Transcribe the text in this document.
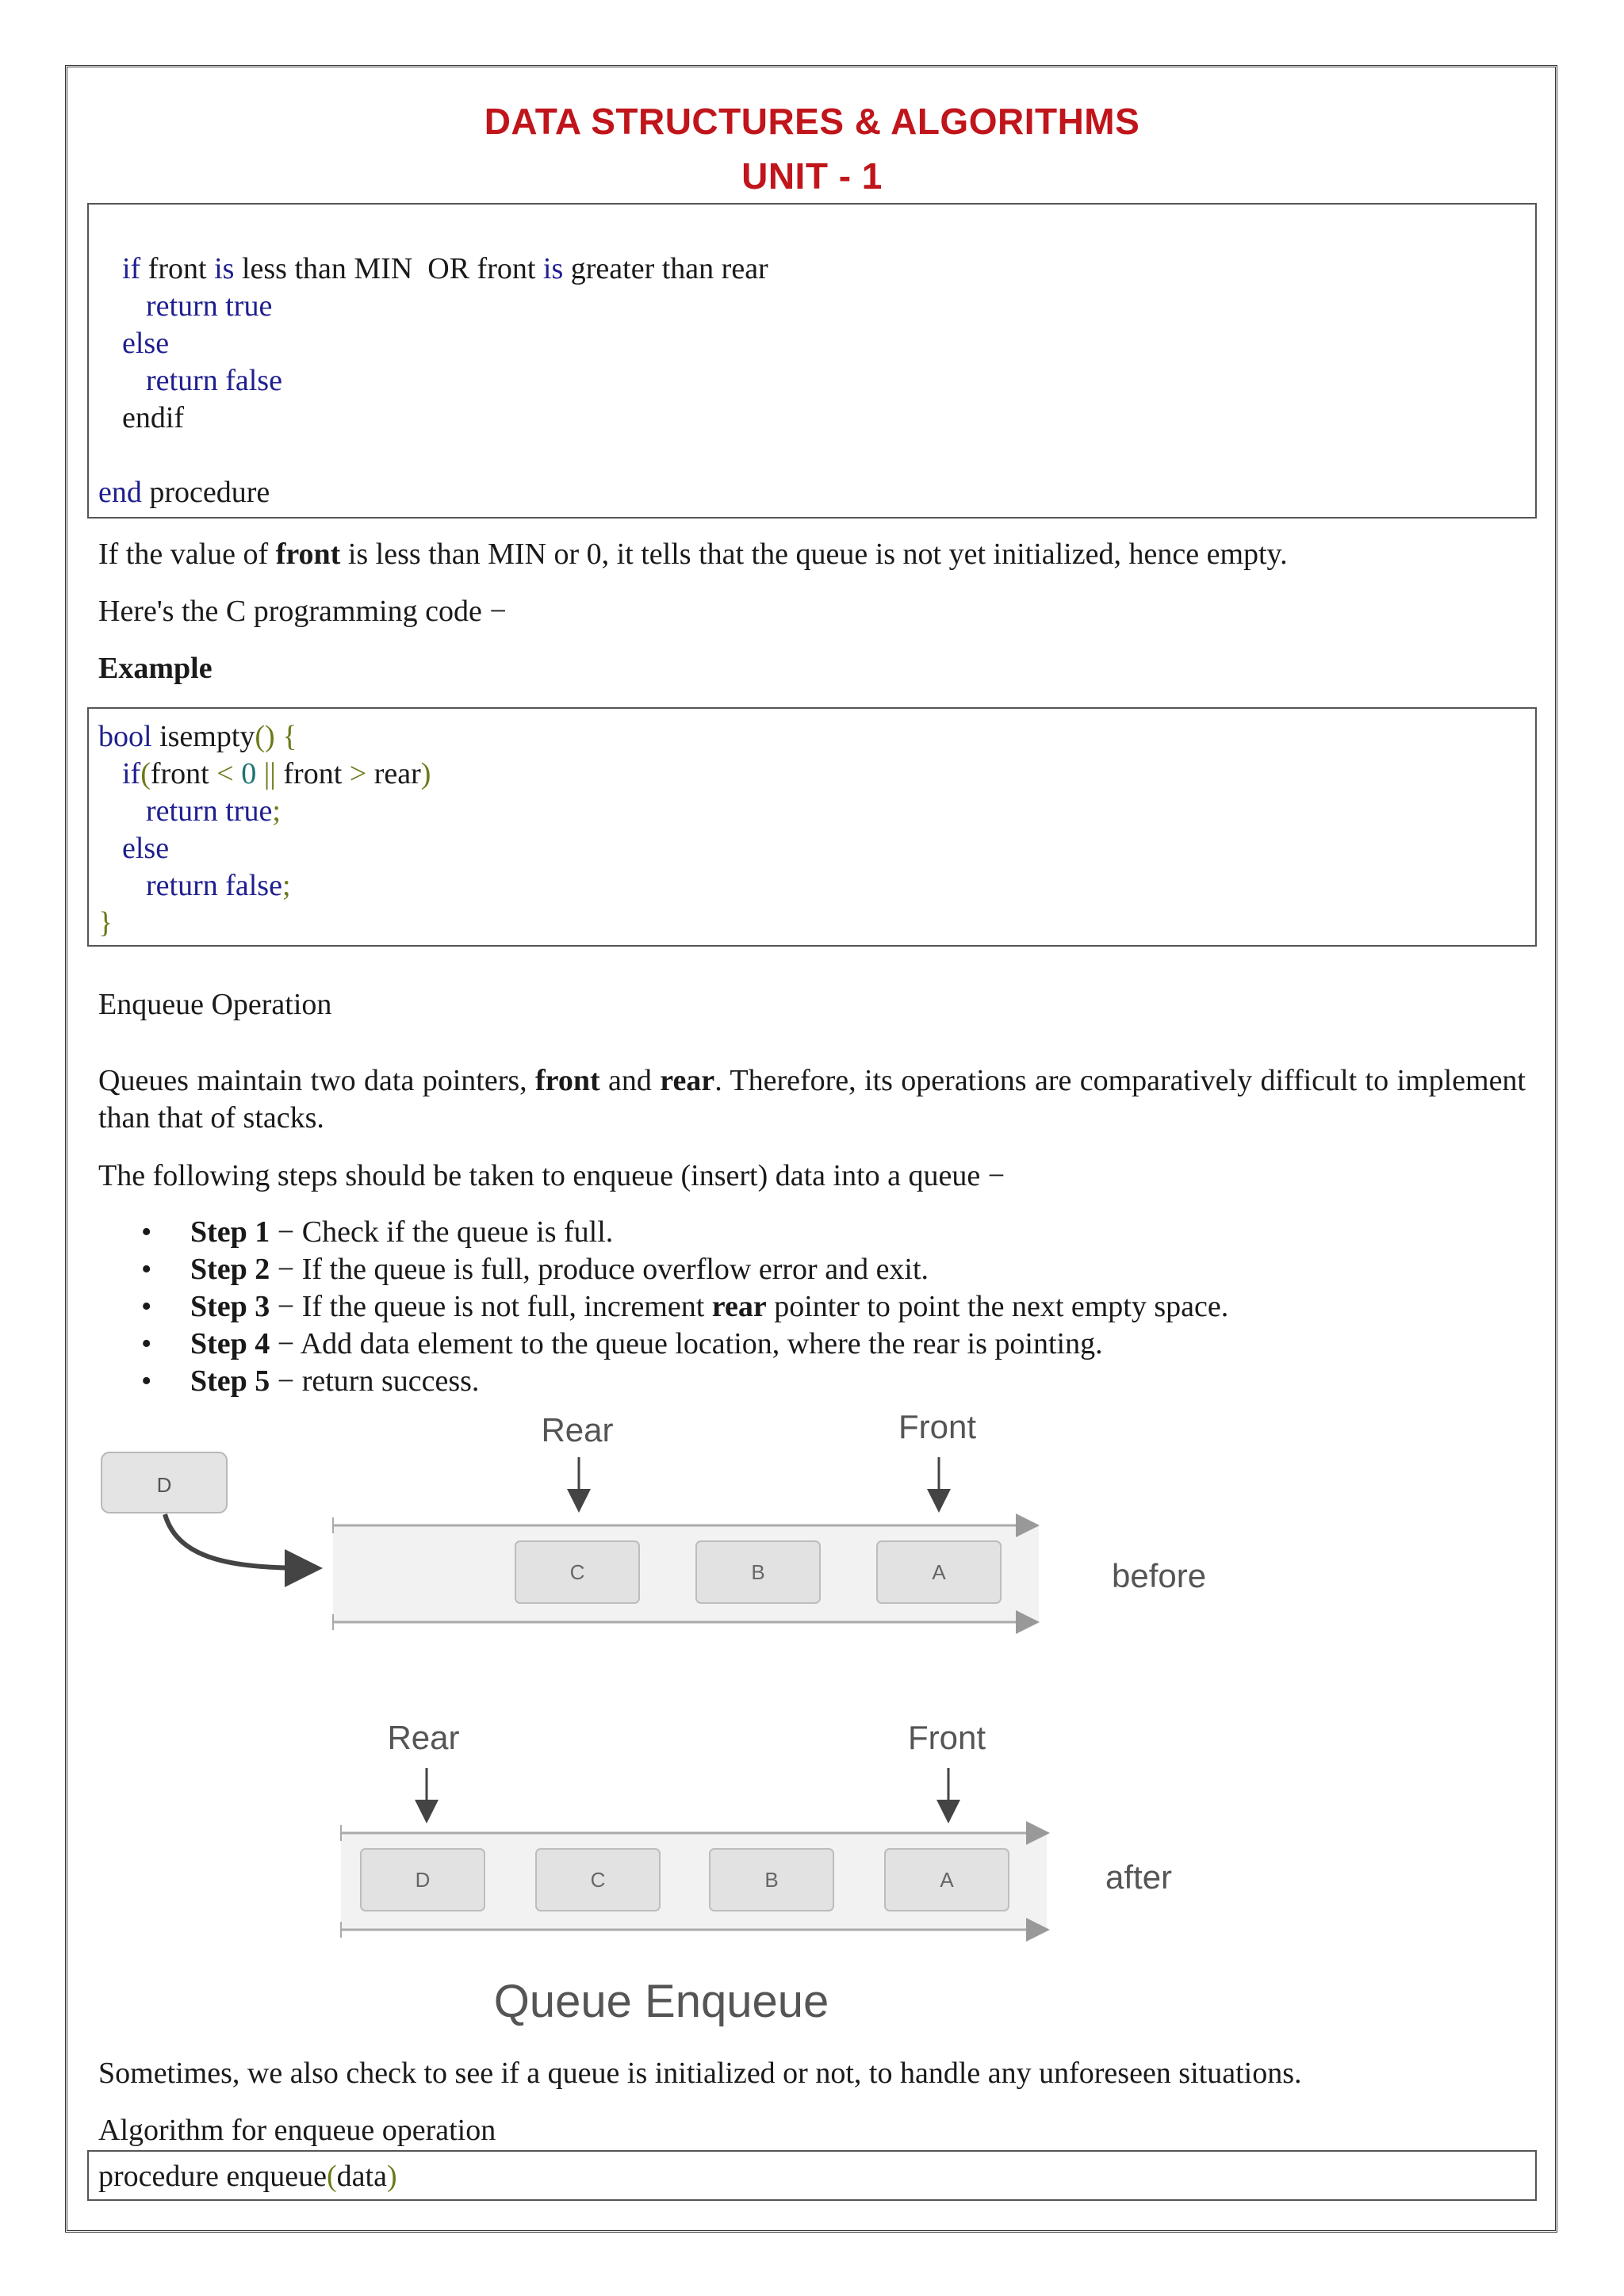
DATA STRUCTURES & ALGORITHMS
UNIT - 1
if front is less than MIN  OR front is greater than rear
return true
else
return false
endif
end procedure
If the value of front is less than MIN or 0, it tells that the queue is not yet initialized, hence empty.
Here's the C programming code −
Example
bool isempty() {
if(front < 0 || front > rear)
return true;
else
return false;
}
Enqueue Operation
Queues maintain two data pointers, front and rear. Therefore, its operations are comparatively difficult to implement than that of stacks.
The following steps should be taken to enqueue (insert) data into a queue −
• Step 1 − Check if the queue is full.
• Step 2 − If the queue is full, produce overflow error and exit.
• Step 3 − If the queue is not full, increment rear pointer to point the next empty space.
• Step 4 − Add data element to the queue location, where the rear is pointing.
• Step 5 − return success.
D
C	B	A
Rear	Front
before
D	C	B	A
Rear	Front
after
Queue Enqueue
Sometimes, we also check to see if a queue is initialized or not, to handle any unforeseen situations.
Algorithm for enqueue operation
procedure enqueue(data)
